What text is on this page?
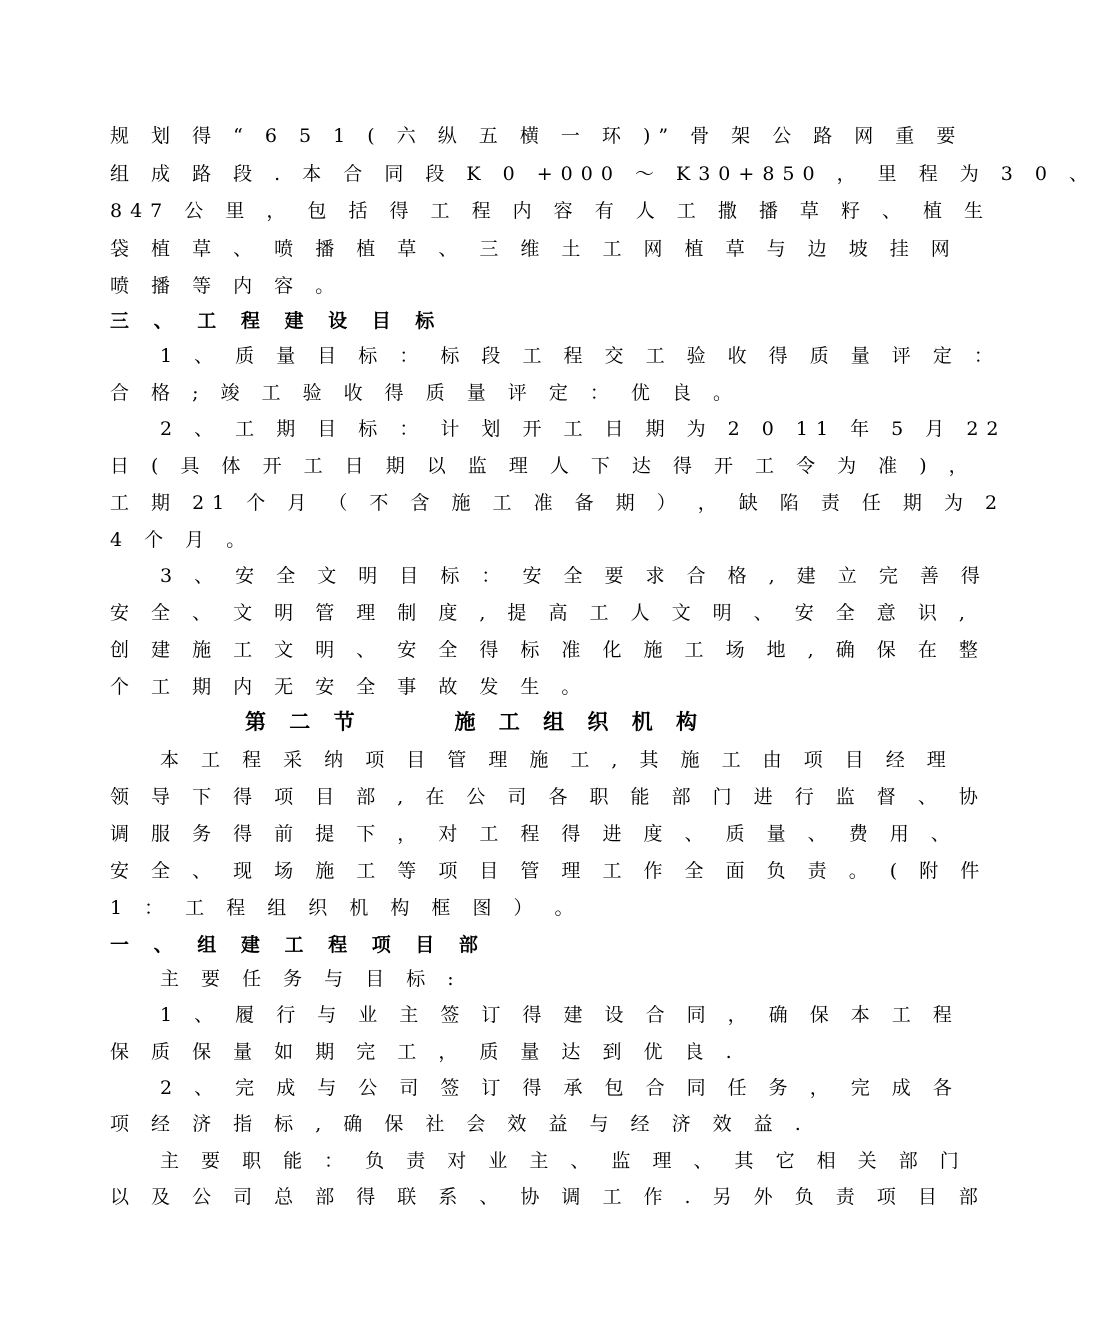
规 划 得 “ 6 5 1 ( 六 纵 五 横 一 环 )” 骨 架 公 路 网 重 要
组 成 路 段 . 本 合 同 段 K 0 +000 ～ K30+850 ， 里 程 为 3 0 、
847 公 里 ， 包 括 得 工 程 内 容 有 人 工 撒 播 草 籽 、 植 生
袋 植 草 、 喷 播 植 草 、 三 维 土 工 网 植 草 与 边 坡 挂 网
喷 播 等 内 容 。
三 、 工 程 建 设 目 标
1 、 质 量 目 标 ： 标 段 工 程 交 工 验 收 得 质 量 评 定 ：
合 格 ; 竣 工 验 收 得 质 量 评 定 ： 优 良 。
2 、 工 期 目 标 ： 计 划 开 工 日 期 为 2 0 11 年 5 月 22
日 ( 具 体 开 工 日 期 以 监 理 人 下 达 得 开 工 令 为 准 ) ，
工 期 21 个 月 （ 不 含 施 工 准 备 期 ） ， 缺 陷 责 任 期 为 2
4 个 月 。
3 、 安 全 文 明 目 标 ： 安 全 要 求 合 格 , 建 立 完 善 得
安 全 、 文 明 管 理 制 度 , 提 高 工 人 文 明 、 安 全 意 识 ,
创 建 施 工 文 明 、 安 全 得 标 准 化 施 工 场 地 , 确 保 在 整
个 工 期 内 无 安 全 事 故 发 生 。
第 二 节      施 工 组 织 机 构
本 工 程 采 纳 项 目 管 理 施 工 , 其 施 工 由 项 目 经 理
领 导 下 得 项 目 部 , 在 公 司 各 职 能 部 门 进 行 监 督 、 协
调 服 务 得 前 提 下 ， 对 工 程 得 进 度 、 质 量 、 费 用 、
安 全 、 现 场 施 工 等 项 目 管 理 工 作 全 面 负 责 。 ( 附 件
1 ： 工 程 组 织 机 构 框 图 ） 。
一 、 组 建 工 程 项 目 部
主 要 任 务 与 目 标 :
1 、 履 行 与 业 主 签 订 得 建 设 合 同 ， 确 保 本 工 程
保 质 保 量 如 期 完 工 ， 质 量 达 到 优 良 .
2 、 完 成 与 公 司 签 订 得 承 包 合 同 任 务 ， 完 成 各
项 经 济 指 标 , 确 保 社 会 效 益 与 经 济 效 益 .
主 要 职 能 ： 负 责 对 业 主 、 监 理 、 其 它 相 关 部 门
以 及 公 司 总 部 得 联 系 、 协 调 工 作 . 另 外 负 责 项 目 部
